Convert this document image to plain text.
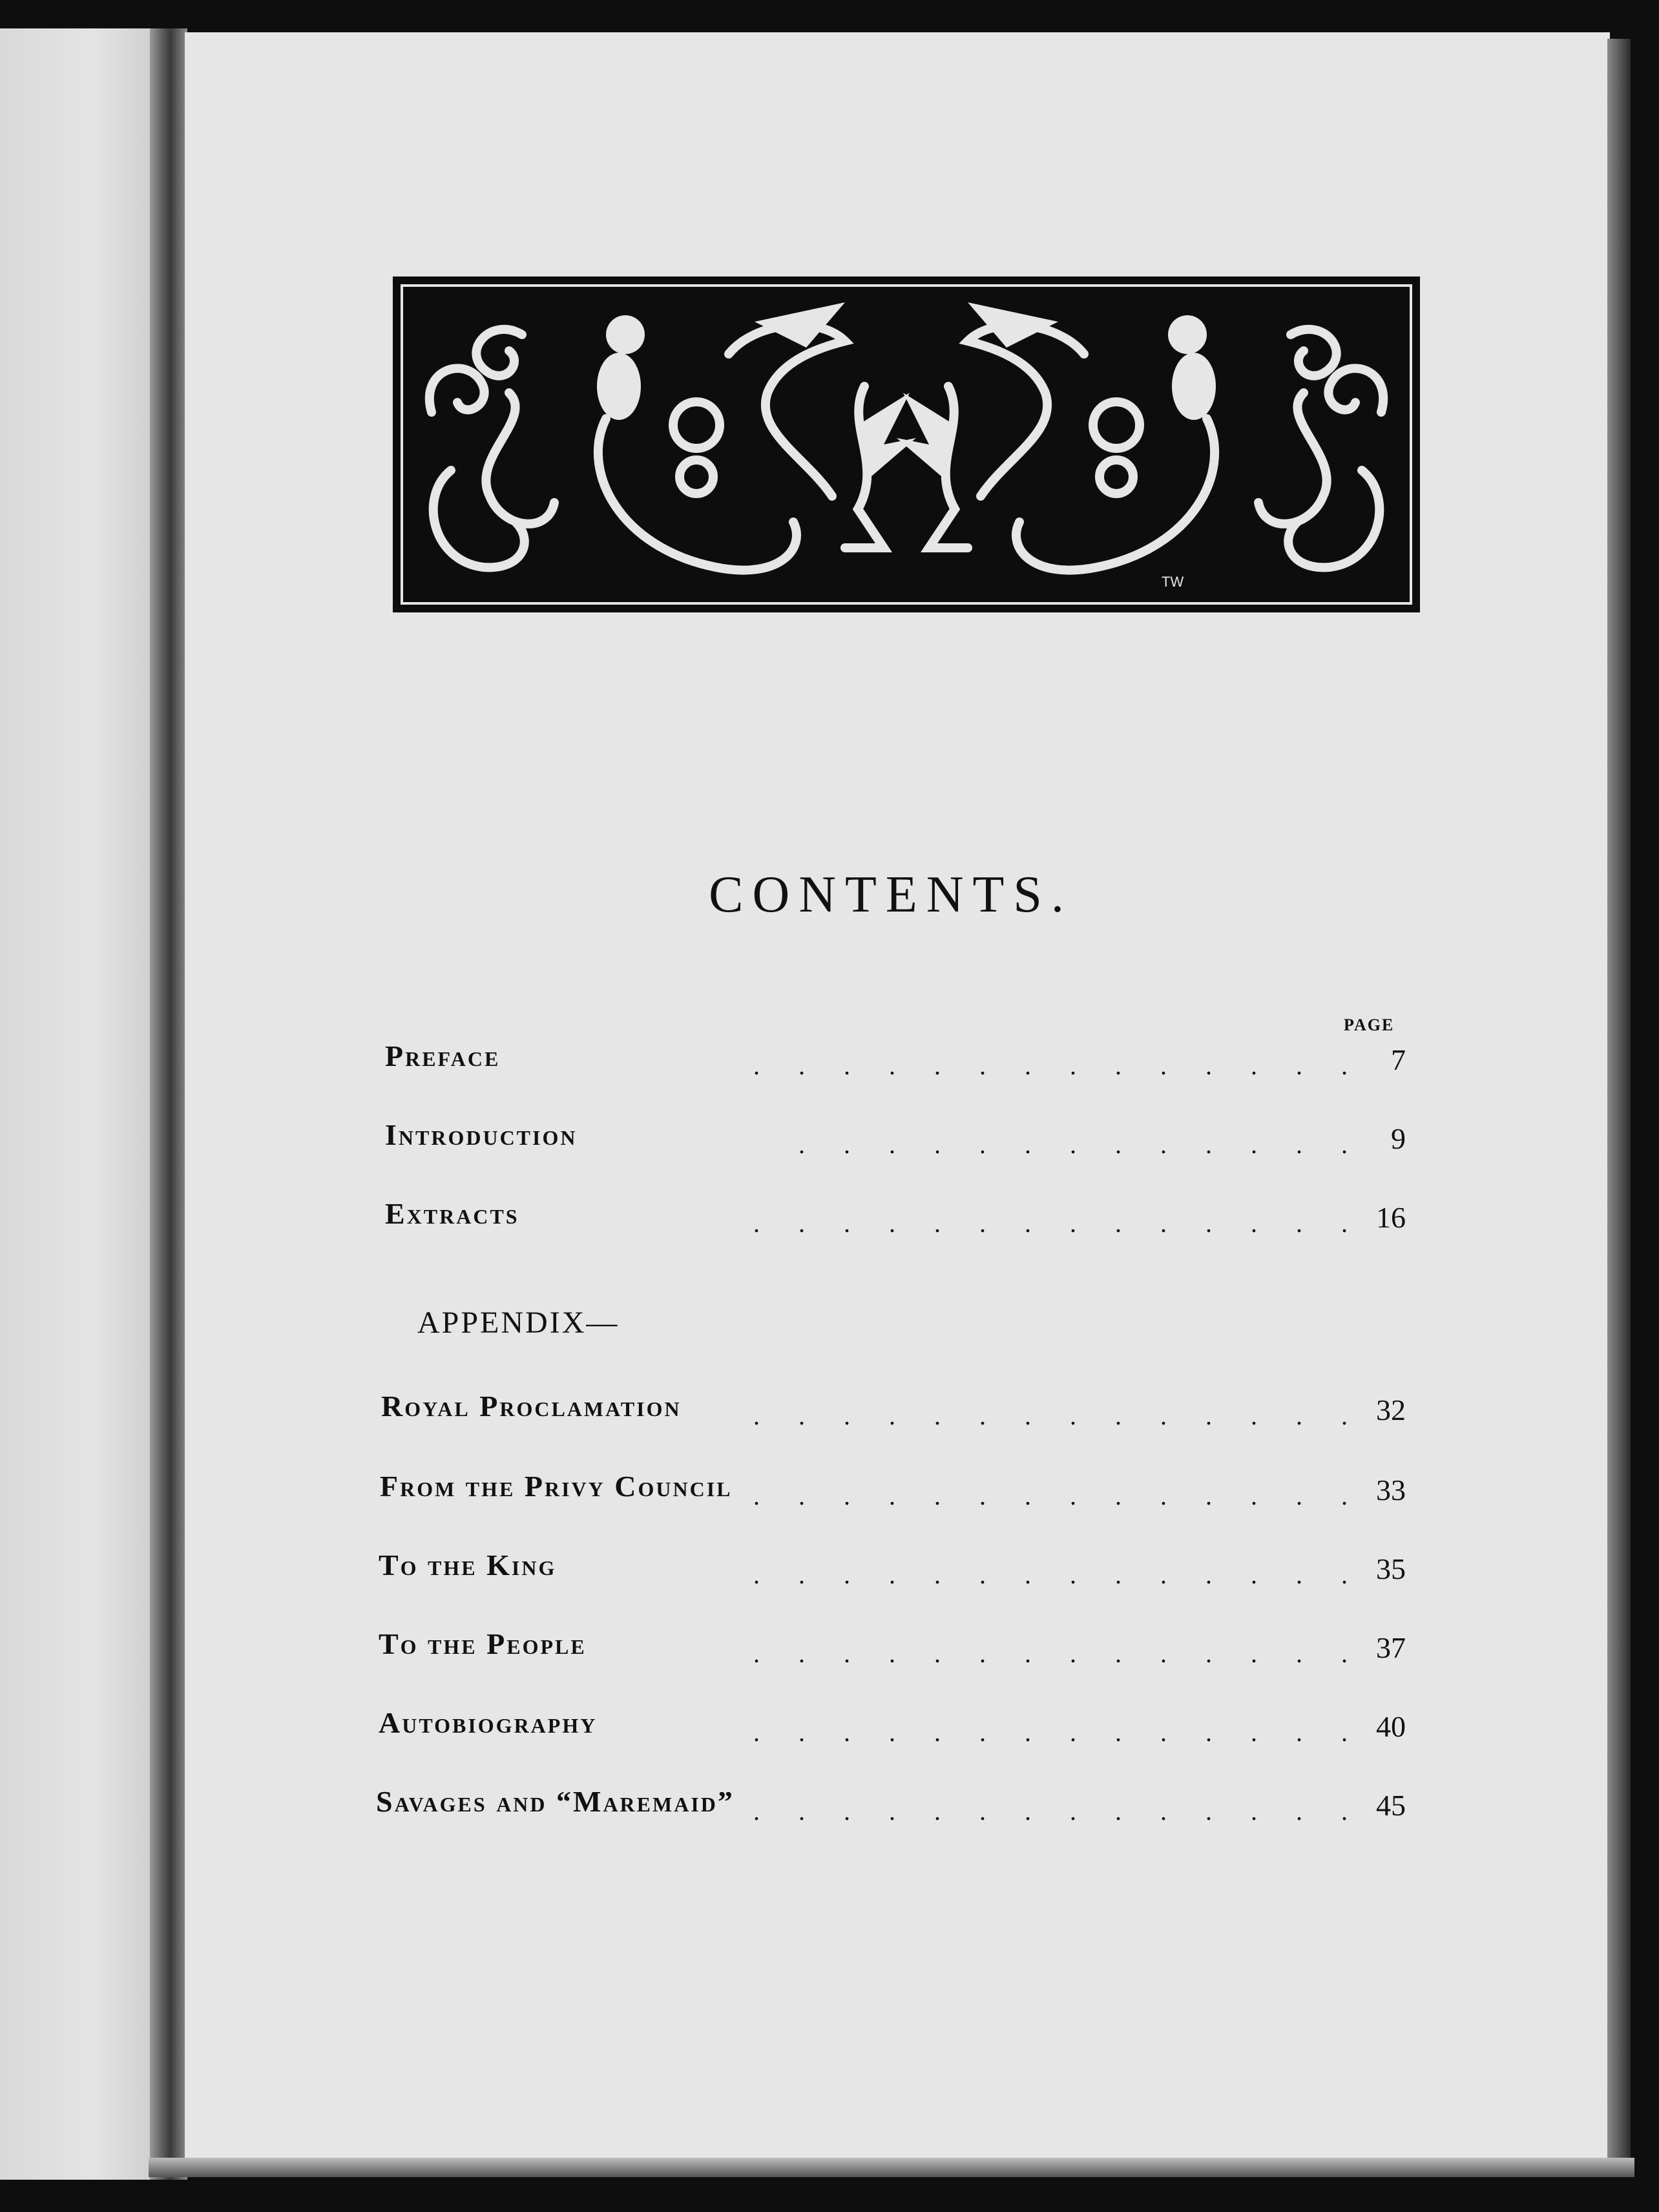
TW
CONTENTS.
PAGE
.      .      .      .      .      .      .      .      .      .      .      .      .      .
Preface	7
.      .      .      .      .      .      .      .      .      .      .      .      .
Introduction	9
.      .      .      .      .      .      .      .      .      .      .      .      .      .
Extracts	16
APPENDIX—
.      .      .      .      .      .      .      .      .      .      .      .      .      .
Royal Proclamation	32
.      .      .      .      .      .      .      .      .      .      .      .      .      .
From the Privy Council	33
.      .      .      .      .      .      .      .      .      .      .      .      .      .
To the King	35
.      .      .      .      .      .      .      .      .      .      .      .      .      .
To the People	37
.      .      .      .      .      .      .      .      .      .      .      .      .      .
Autobiography	40
.      .      .      .      .      .      .      .      .      .      .      .      .      .
Savages and “Maremaid”	45
